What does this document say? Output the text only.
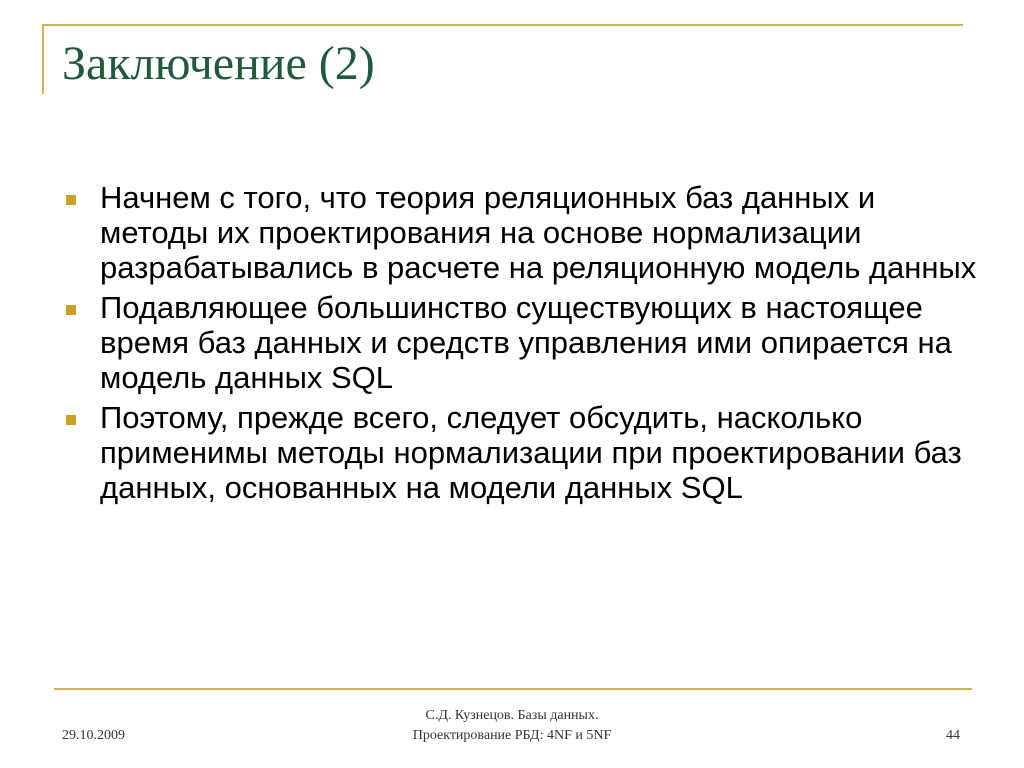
Заключение (2)
Начнем с того, что теория реляционных баз данных и методы их проектирования на основе нормализации разрабатывались в расчете на реляционную модель данных
Подавляющее большинство существующих в настоящее время баз данных и средств управления ими опирается на модель данных SQL
Поэтому, прежде всего, следует обсудить, насколько применимы методы нормализации при проектировании баз данных, основанных на модели данных SQL
29.10.2009
С.Д. Кузнецов. Базы данных.
Проектирование РБД: 4NF и 5NF	44
